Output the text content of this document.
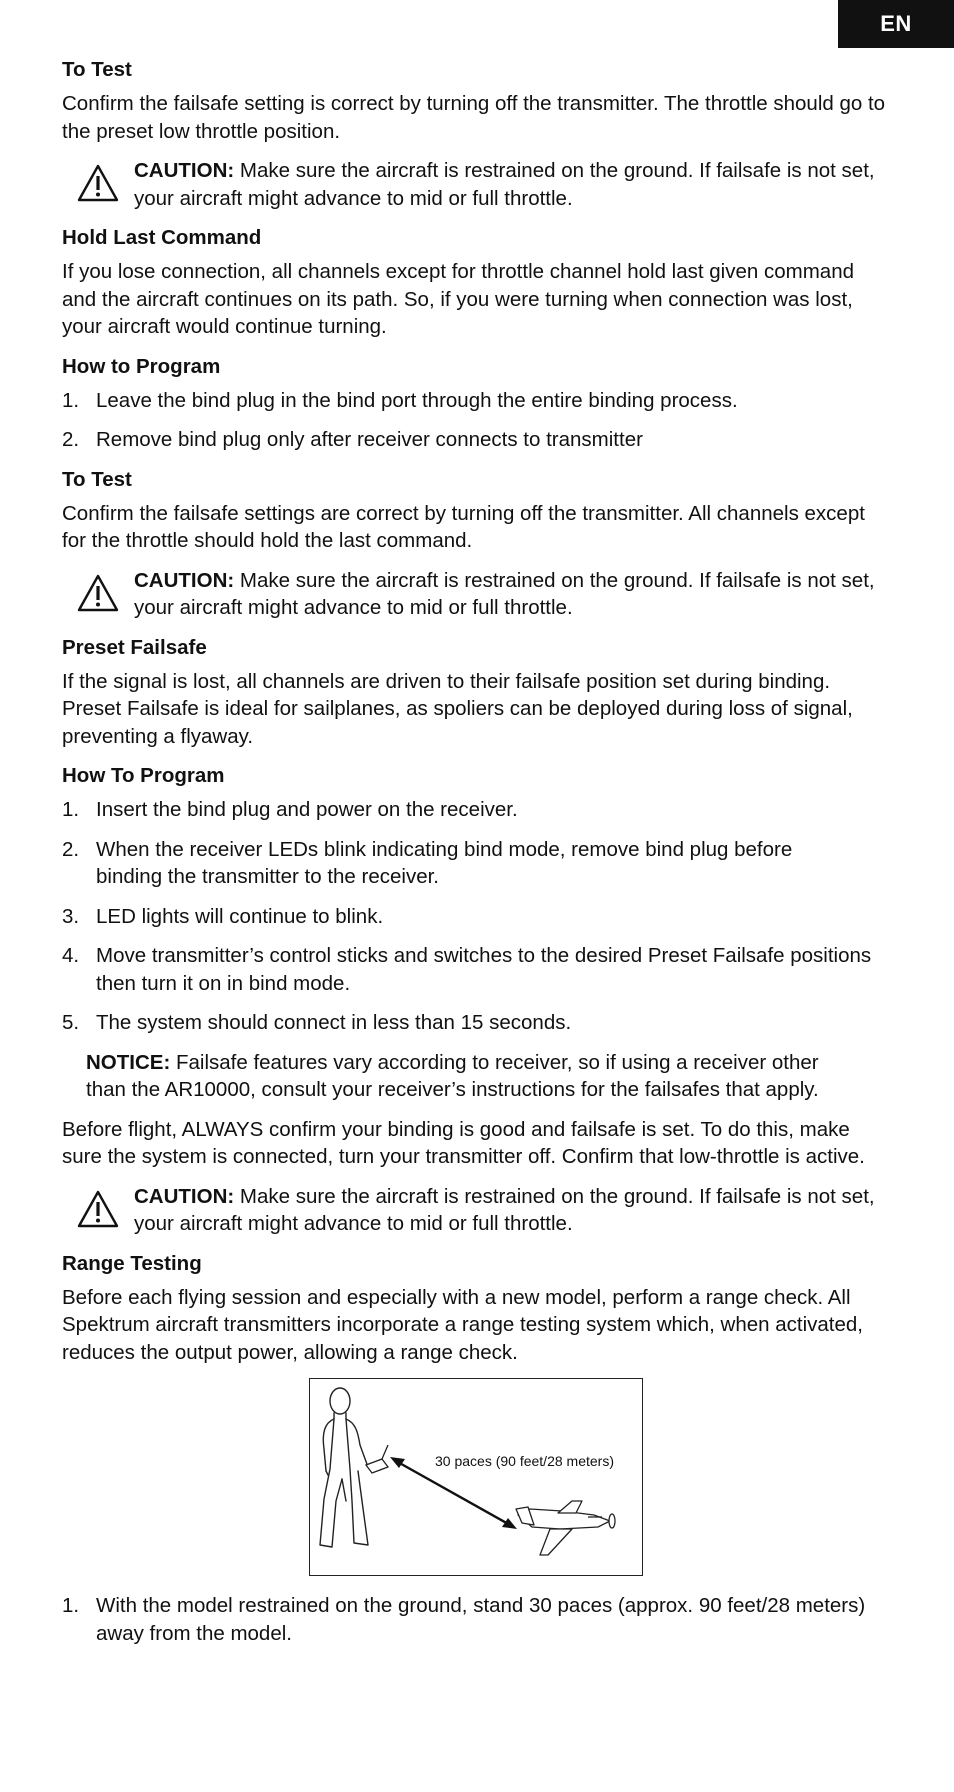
EN
To Test

Confirm the failsafe setting is correct by turning off the transmitter. The throttle should go to the preset low throttle position.

CAUTION: Make sure the aircraft is restrained on the ground. If failsafe is not set, your aircraft might advance to mid or full throttle.
Hold Last Command

If you lose connection, all channels except for throttle channel hold last given command and the aircraft continues on its path. So, if you were turning when connection was lost, your aircraft would continue turning.

How to Program
1. Leave the bind plug in the bind port through the entire binding process.
2. Remove bind plug only after receiver connects to transmitter
To Test

Confirm the failsafe settings are correct by turning off the transmitter. All channels except for the throttle should hold the last command.

CAUTION: Make sure the aircraft is restrained on the ground. If failsafe is not set, your aircraft might advance to mid or full throttle.
Preset Failsafe

If the signal is lost, all channels are driven to their failsafe position set during binding. Preset Failsafe is ideal for sailplanes, as spoliers can be deployed during loss of signal, preventing a flyaway.

How To Program
1. Insert the bind plug and power on the receiver.
2. When the receiver LEDs blink indicating bind mode, remove bind plug before binding the transmitter to the receiver.
3. LED lights will continue to blink.
4. Move transmitter’s control sticks and switches to the desired Preset Failsafe positions then turn it on in bind mode.
5. The system should connect in less than 15 seconds.
NOTICE: Failsafe features vary according to receiver, so if using a receiver other than the AR10000, consult your receiver’s instructions for the failsafes that apply.

Before flight, ALWAYS confirm your binding is good and failsafe is set. To do this, make sure the system is connected, turn your transmitter off. Confirm that low-throttle is active.

CAUTION: Make sure the aircraft is restrained on the ground. If failsafe is not set, your aircraft might advance to mid or full throttle.
Range Testing

Before each flying session and especially with a new model, perform a range check. All Spektrum aircraft transmitters incorporate a range testing system which, when activated, reduces the output power, allowing a range check.

30 paces (90 feet/28 meters)
1. With the model restrained on the ground, stand 30 paces (approx. 90 feet/28 meters) away from the model.
